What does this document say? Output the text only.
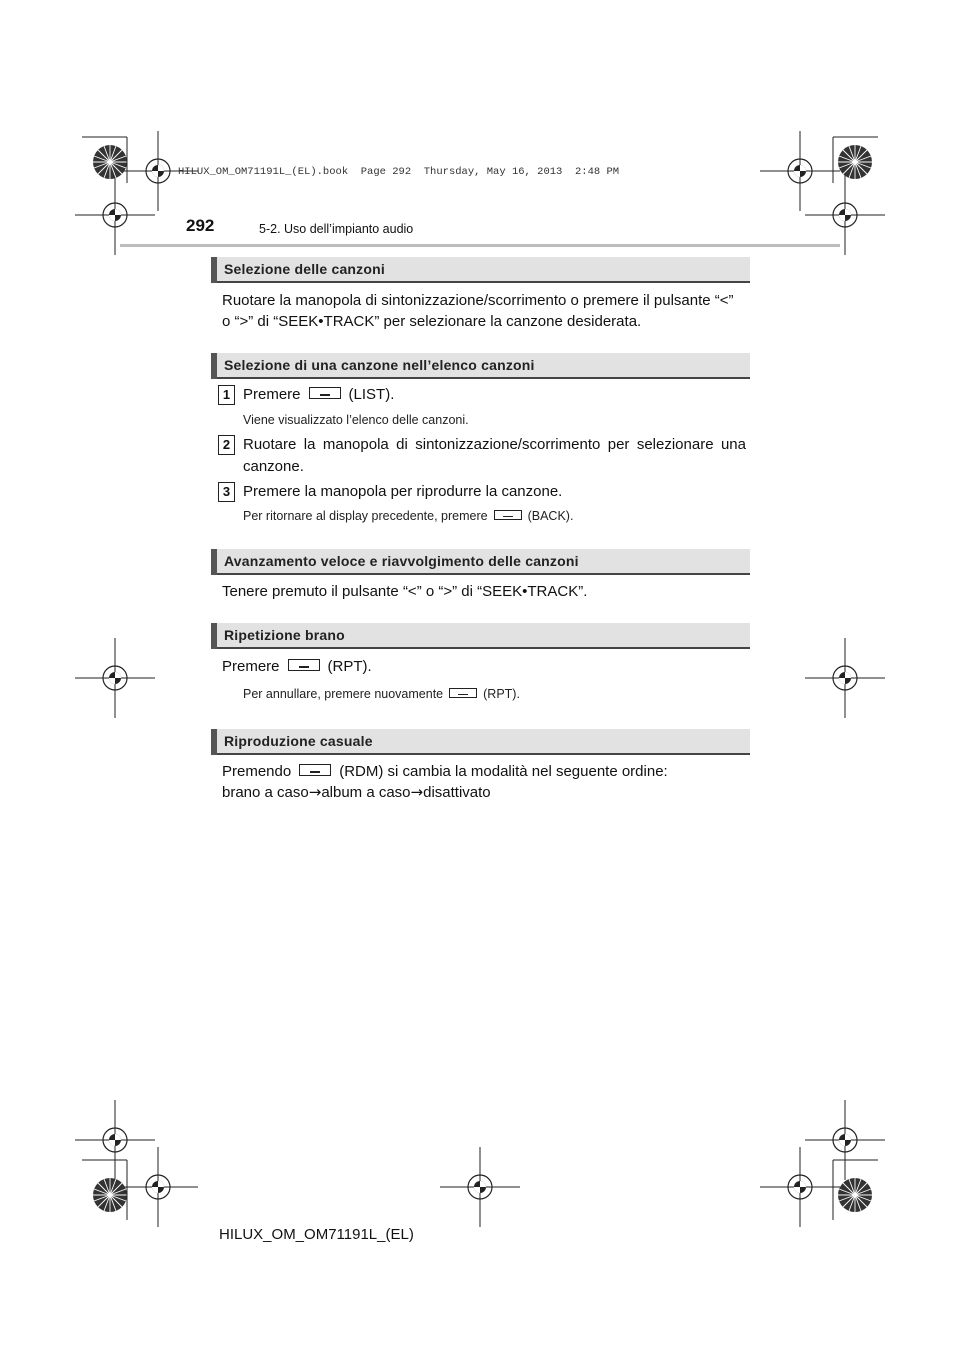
HILUX_OM_OM71191L_(EL).book  Page 292  Thursday, May 16, 2013  2:48 PM
292	5-2. Uso dell’impianto audio
Selezione delle canzoni
Ruotare la manopola di sintonizzazione/scorrimento o premere il pulsante “<”
o “>” di “SEEK•TRACK” per selezionare la canzone desiderata.
Selezione di una canzone nell’elenco canzoni
1 Premere	(LIST).
Viene visualizzato l’elenco delle canzoni.
2 Ruotare la manopola di sintonizzazione/scorrimento per selezionare una
canzone.
3 Premere la manopola per riprodurre la canzone.
Per ritornare al display precedente, premere	(BACK).
Avanzamento veloce e riavvolgimento delle canzoni
Tenere premuto il pulsante “<” o “>” di “SEEK•TRACK”.
Ripetizione brano
Premere	(RPT).
Per annullare, premere nuovamente	(RPT).
Riproduzione casuale
Premendo	(RDM) si cambia la modalità nel seguente ordine:
brano a caso→album a caso→disattivato
HILUX_OM_OM71191L_(EL)
